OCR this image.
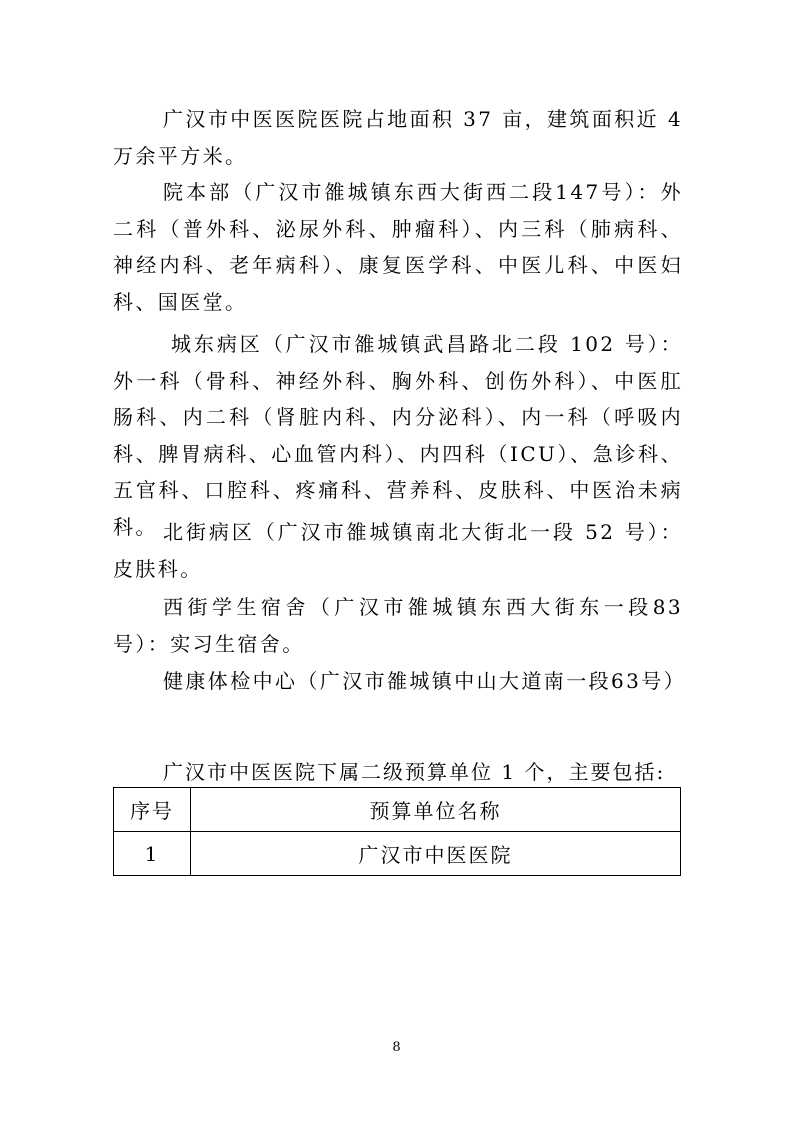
广汉市中医医院医院占地面积 37 亩，建筑面积近 4 万余平方米。

院本部（广汉市雒城镇东西大街西二段147号）：外二科（普外科、泌尿外科、肿瘤科）、内三科（肺病科、神经内科、老年病科）、康复医学科、中医儿科、中医妇科、国医堂。

城东病区（广汉市雒城镇武昌路北二段 102 号）：外一科（骨科、神经外科、胸外科、创伤外科）、中医肛肠科、内二科（肾脏内科、内分泌科）、内一科（呼吸内科、脾胃病科、心血管内科）、内四科（ICU）、急诊科、五官科、口腔科、疼痛科、营养科、皮肤科、中医治未病科。 北街病区（广汉市雒城镇南北大街北一段 52 号）：皮肤科。

西街学生宿舍（广汉市雒城镇东西大街东一段83号）：实习生宿舍。

健康体检中心（广汉市雒城镇中山大道南一段63号）

广汉市中医医院下属二级预算单位 1 个，主要包括:

序号	预算单位名称
1	广汉市中医医院

8
